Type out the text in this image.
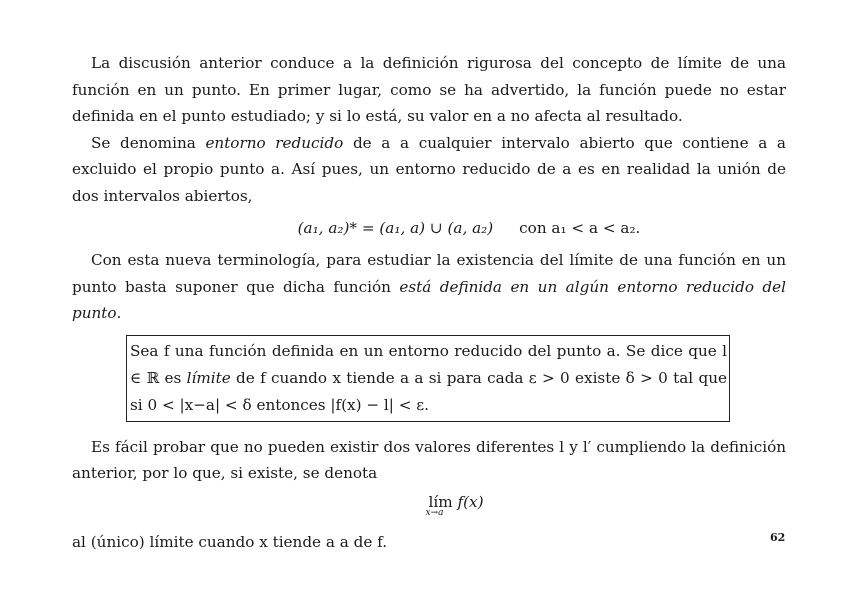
La discusión anterior conduce a la definición rigurosa del concepto de límite de una función en un punto. En primer lugar, como se ha advertido, la función puede no estar definida en el punto estudiado; y si lo está, su valor en a no afecta al resultado.

Se denomina entorno reducido de a a cualquier intervalo abierto que contiene a a excluido el propio punto a. Así pues, un entorno reducido de a es en realidad la unión de dos intervalos abiertos,

(a₁, a₂)* = (a₁, a) ∪ (a, a₂) con a₁ < a < a₂.

Con esta nueva terminología, para estudiar la existencia del límite de una función en un punto basta suponer que dicha función está definida en un algún entorno reducido del punto.

Sea f una función definida en un entorno reducido del punto a. Se dice que l ∈ ℝ es límite de f cuando x tiende a a si para cada ε > 0 existe δ > 0 tal que si 0 < |x−a| < δ entonces |f(x) − l| < ε.

Es fácil probar que no pueden existir dos valores diferentes l y l′ cumpliendo la definición anterior, por lo que, si existe, se denota

lím
x→a
f(x)

al (único) límite cuando x tiende a a de f.	62
